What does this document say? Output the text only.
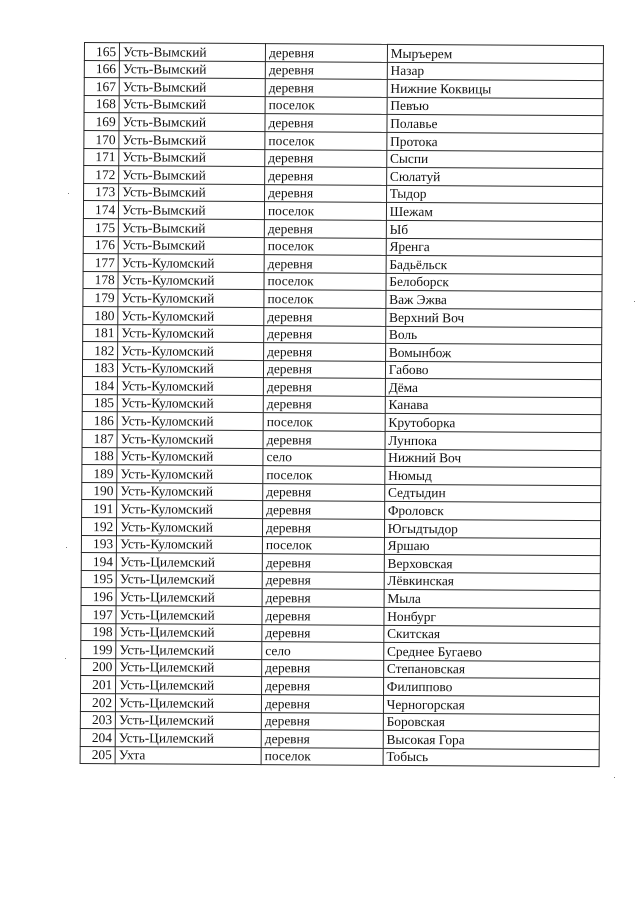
165	Усть-Вымский	деревня	Мыръерем
166	Усть-Вымский	деревня	Назар
167	Усть-Вымский	деревня	Нижние Коквицы
168	Усть-Вымский	поселок	Певъю
169	Усть-Вымский	деревня	Полавье
170	Усть-Вымский	поселок	Протока
171	Усть-Вымский	деревня	Сыспи
172	Усть-Вымский	деревня	Сюлатуй
173	Усть-Вымский	деревня	Тыдор
174	Усть-Вымский	поселок	Шежам
175	Усть-Вымский	деревня	Ыб
176	Усть-Вымский	поселок	Яренга
177	Усть-Куломский	деревня	Бадьёльск
178	Усть-Куломский	поселок	Белоборск
179	Усть-Куломский	поселок	Важ Эжва
180	Усть-Куломский	деревня	Верхний Воч
181	Усть-Куломский	деревня	Воль
182	Усть-Куломский	деревня	Вомынбож
183	Усть-Куломский	деревня	Габово
184	Усть-Куломский	деревня	Дёма
185	Усть-Куломский	деревня	Канава
186	Усть-Куломский	поселок	Крутоборка
187	Усть-Куломский	деревня	Лунпока
188	Усть-Куломский	село	Нижний Воч
189	Усть-Куломский	поселок	Нюмыд
190	Усть-Куломский	деревня	Седтыдин
191	Усть-Куломский	деревня	Фроловск
192	Усть-Куломский	деревня	Югыдтыдор
193	Усть-Куломский	поселок	Яршаю
194	Усть-Цилемский	деревня	Верховская
195	Усть-Цилемский	деревня	Лёвкинская
196	Усть-Цилемский	деревня	Мыла
197	Усть-Цилемский	деревня	Нонбург
198	Усть-Цилемский	деревня	Скитская
199	Усть-Цилемский	село	Среднее Бугаево
200	Усть-Цилемский	деревня	Степановская
201	Усть-Цилемский	деревня	Филиппово
202	Усть-Цилемский	деревня	Черногорская
203	Усть-Цилемский	деревня	Боровская
204	Усть-Цилемский	деревня	Высокая Гора
205	Ухта	поселок	Тобысь
